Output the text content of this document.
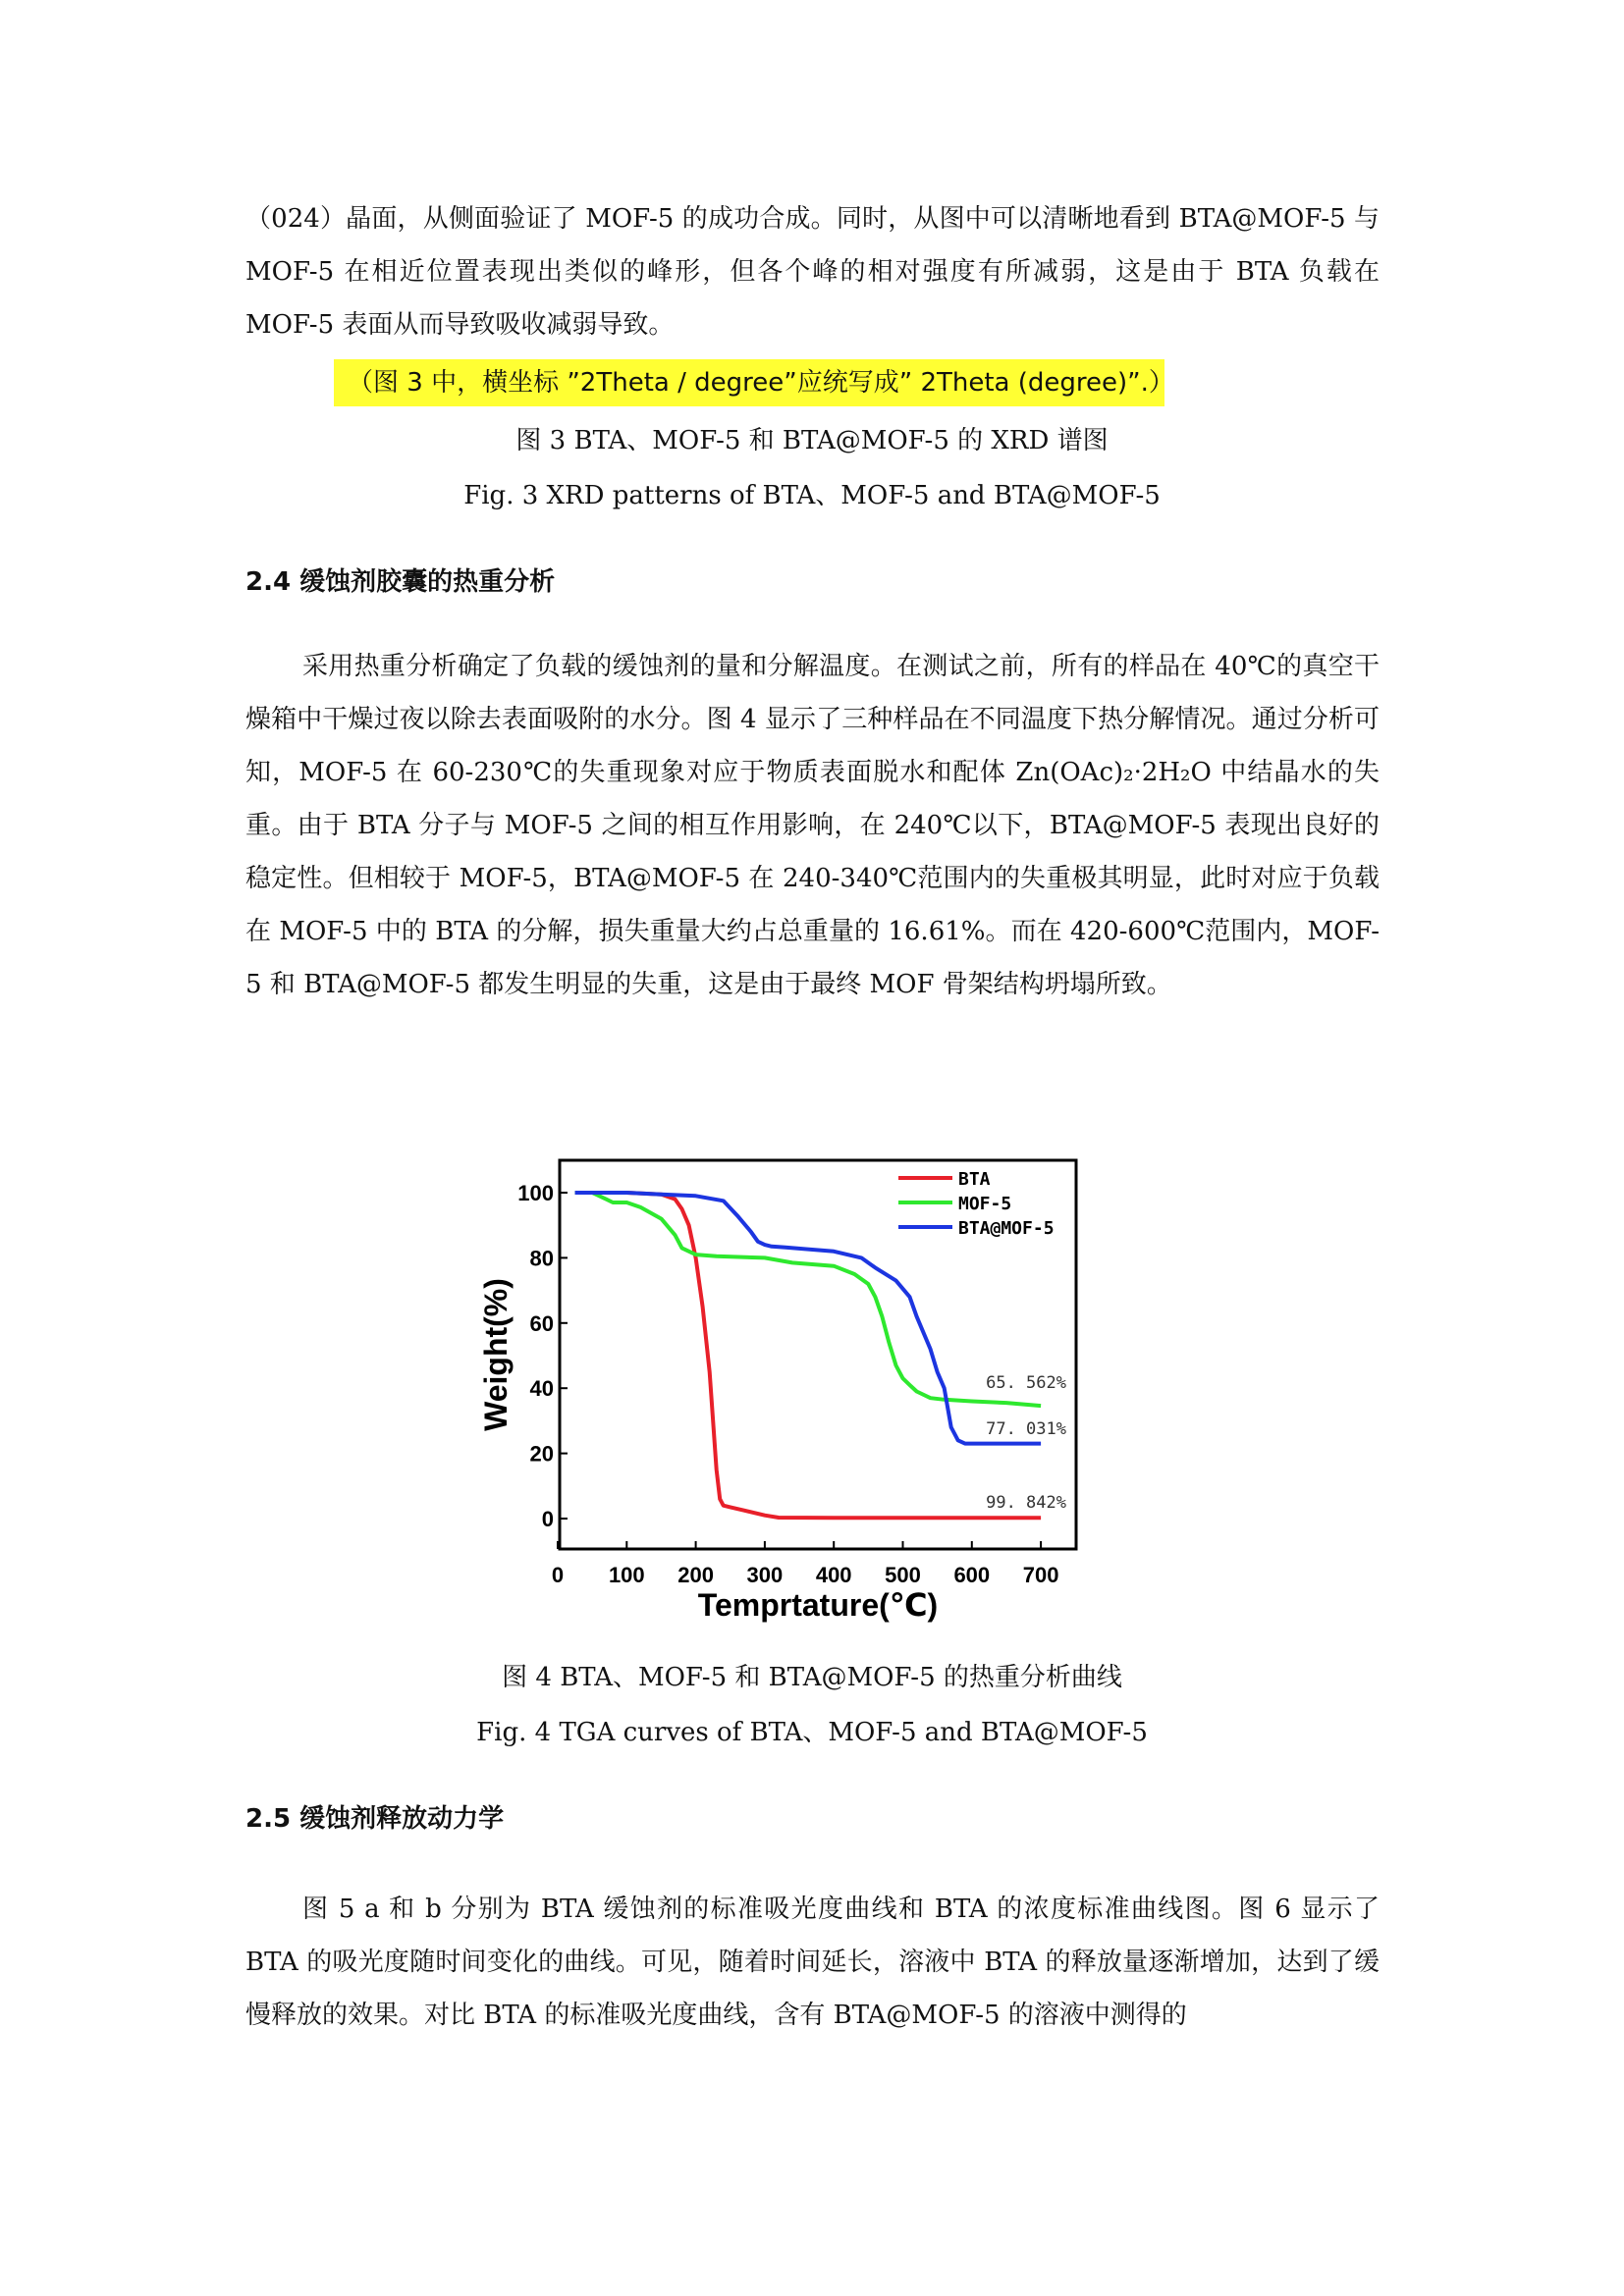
（024）晶面，从侧面验证了 MOF-5 的成功合成。同时，从图中可以清晰地看到 BTA@MOF-5 与 MOF-5 在相近位置表现出类似的峰形，但各个峰的相对强度有所减弱，这是由于 BTA 负载在 MOF-5 表面从而导致吸收减弱导致。

（图 3 中，横坐标 ”2Theta / degree”应统写成” 2Theta (degree)”.）
图 3 BTA、MOF-5 和 BTA@MOF-5 的 XRD 谱图
Fig. 3 XRD patterns of BTA、MOF-5 and BTA@MOF-5
2.4 缓蚀剂胶囊的热重分析

采用热重分析确定了负载的缓蚀剂的量和分解温度。在测试之前，所有的样品在 40℃的真空干燥箱中干燥过夜以除去表面吸附的水分。图 4 显示了三种样品在不同温度下热分解情况。通过分析可知，MOF-5 在 60-230℃的失重现象对应于物质表面脱水和配体 Zn(OAc)₂·2H₂O 中结晶水的失重。由于 BTA 分子与 MOF-5 之间的相互作用影响，在 240℃以下，BTA@MOF-5 表现出良好的稳定性。但相较于 MOF-5，BTA@MOF-5 在 240-340℃范围内的失重极其明显，此时对应于负载在 MOF-5 中的 BTA 的分解，损失重量大约占总重量的 16.61%。而在 420-600℃范围内，MOF-5 和 BTA@MOF-5 都发生明显的失重，这是由于最终 MOF 骨架结构坍塌所致。

0 100 200 300 400 500 600 700
0
20
40
60
80
100
BTA
MOF-5
BTA@MOF-5
65. 562%
77. 031%
99. 842%
Temprtature(℃)
Weight(%)
图 4 BTA、MOF-5 和 BTA@MOF-5 的热重分析曲线
Fig. 4 TGA curves of BTA、MOF-5 and BTA@MOF-5
2.5 缓蚀剂释放动力学

图 5 a 和 b 分别为 BTA 缓蚀剂的标准吸光度曲线和 BTA 的浓度标准曲线图。图 6 显示了 BTA 的吸光度随时间变化的曲线。可见，随着时间延长，溶液中 BTA 的释放量逐渐增加，达到了缓慢释放的效果。对比 BTA 的标准吸光度曲线，含有 BTA@MOF-5 的溶液中测得的
